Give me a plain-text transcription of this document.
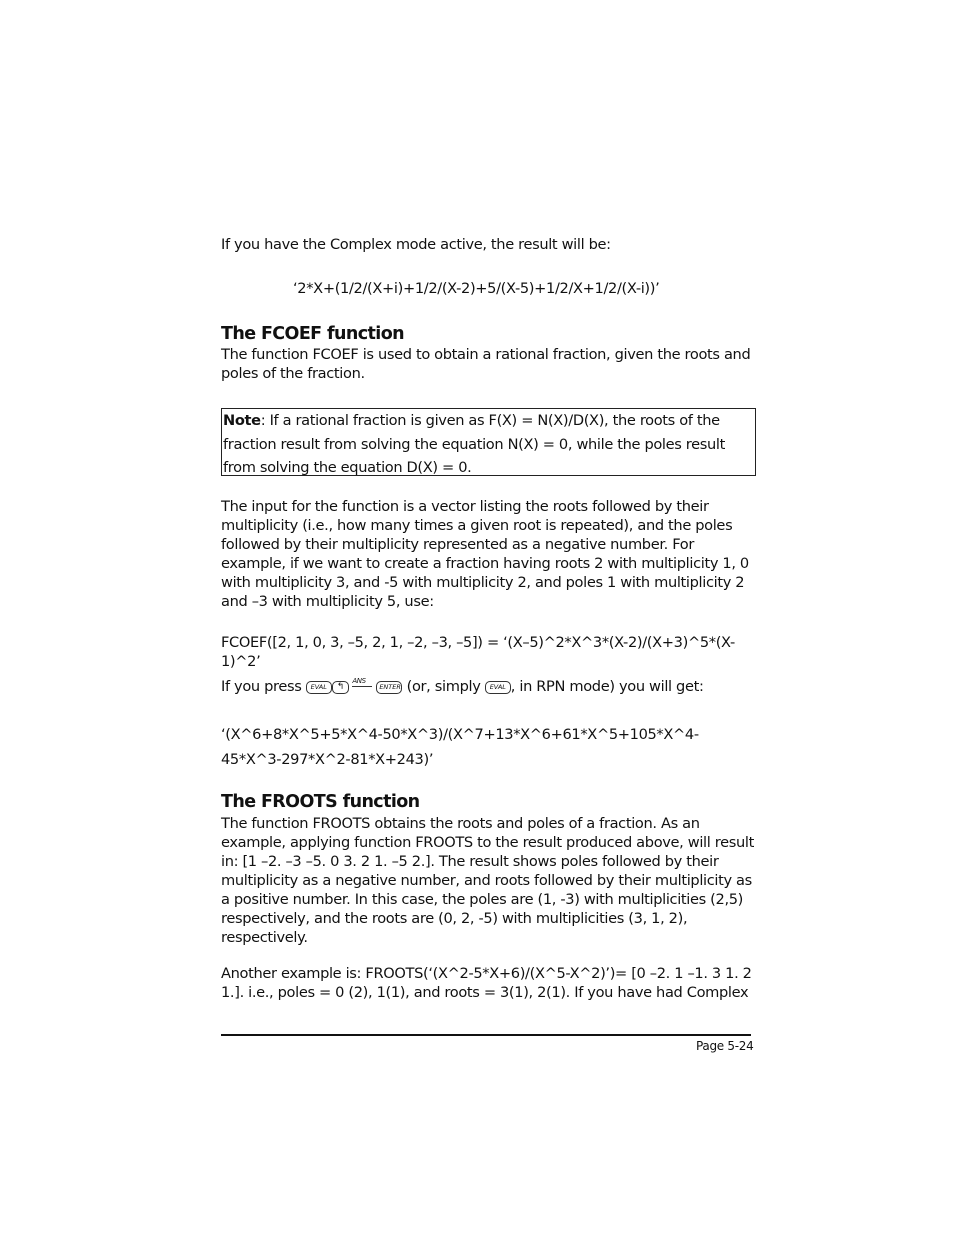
If you have the Complex mode active, the result will be:

‘2*X+(1/2/(X+i)+1/2/(X-2)+5/(X-5)+1/2/X+1/2/(X-i))’

The FCOEF function

The function FCOEF is used to obtain a rational fraction, given the roots and poles of the fraction.

Note: If a rational fraction is given as F(X) = N(X)/D(X), the roots of the fraction result from solving the equation N(X) = 0, while the poles result from solving the equation D(X) = 0.

The input for the function is a vector listing the roots followed by their multiplicity (i.e., how many times a given root is repeated), and the poles followed by their multiplicity represented as a negative number. For example, if we want to create a fraction having roots 2 with multiplicity 1, 0 with multiplicity 3, and -5 with multiplicity 2, and poles 1 with multiplicity 2 and –3 with multiplicity 5, use:

FCOEF([2, 1, 0, 3, –5, 2, 1, –2, –3, –5]) = ‘(X–5)^2*X^3*(X-2)/(X+3)^5*(X-1)^2’

If you press EVAL ↰ANSENTER (or, simply EVAL , in RPN mode) you will get:

‘(X^6+8*X^5+5*X^4-50*X^3)/(X^7+13*X^6+61*X^5+105*X^4-45*X^3-297*X^2-81*X+243)’

The FROOTS function

The function FROOTS obtains the roots and poles of a fraction. As an example, applying function FROOTS to the result produced above, will result in: [1 –2. –3 –5. 0 3. 2 1. –5 2.]. The result shows poles followed by their multiplicity as a negative number, and roots followed by their multiplicity as a positive number. In this case, the poles are (1, -3) with multiplicities (2,5) respectively, and the roots are (0, 2, -5) with multiplicities (3, 1, 2), respectively.

Another example is: FROOTS(‘(X^2-5*X+6)/(X^5-X^2)’)= [0 –2. 1 –1. 3 1. 2 1.]. i.e., poles = 0 (2), 1(1), and roots = 3(1), 2(1). If you have had Complex

Page 5-24
